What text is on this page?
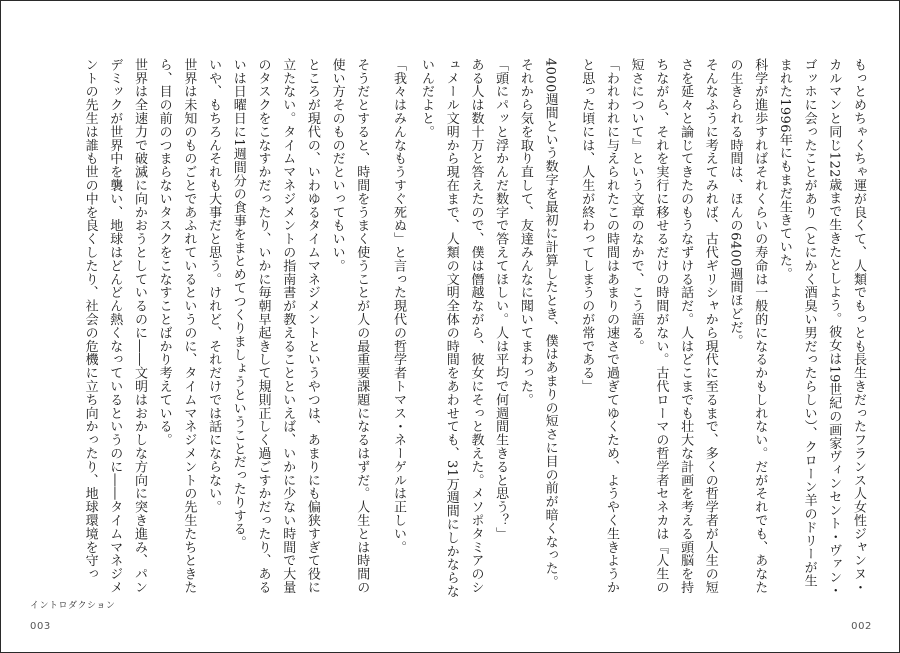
「我々はみんなもうすぐ死ぬ」と言った現代の哲学者トマス・ネーゲルは正しい。

そうだとすると、時間をうまく使うことが人の最重要課題になるはずだ。人生とは時間の使い方そのものだといってもいい。

ところが現代の、いわゆるタイムマネジメントというやつは、あまりにも偏狭すぎて役に立たない。タイムマネジメントの指南書が教えることといえば、いかに少ない時間で大量のタスクをこなすかだったり、いかに毎朝早起きして規則正しく過ごすかだったり、あるいは日曜日に1週間分の食事をまとめてつくりましょうということだったりする。

いや、もちろんそれも大事だと思う。けれど、それだけでは話にならない。

世界は未知のものごとであふれているというのに、タイムマネジメントの先生たちときたら、目の前のつまらないタスクをこなすことばかり考えている。

世界は全速力で破滅に向かおうとしているのに――文明はおかしな方向に突き進み、パンデミックが世界中を襲い、地球はどんどん熱くなっているというのに――タイムマネジメントの先生は誰も世の中を良くしたり、社会の危機に立ち向かったり、地球環境を守っ

イントロダクション
003

もっとめちゃくちゃ運が良くて、人類でもっとも長生きだったフランス人女性ジャンヌ・カルマンと同じ122歳まで生きたとしよう。彼女は19世紀の画家ヴィンセント・ヴァン・ゴッホに会ったことがあり（とにかく酒臭い男だったらしい）、クローン羊のドリーが生まれた1996年にもまだ生きていた。

科学が進歩すればそれくらいの寿命は一般的になるかもしれない。だがそれでも、あなたの生きられる時間は、ほんの6400週間ほどだ。

そんなふうに考えてみれば、古代ギリシャから現代に至るまで、多くの哲学者が人生の短さを延々と論じてきたのもうなずける話だ。人はどこまでも壮大な計画を考える頭脳を持ちながら、それを実行に移せるだけの時間がない。古代ローマの哲学者セネカは『人生の短さについて』という文章のなかで、こう語る。

「われわれに与えられたこの時間はあまりの速さで過ぎてゆくため、ようやく生きようかと思った頃には、人生が終わってしまうのが常である」

4000週間という数字を最初に計算したとき、僕はあまりの短さに目の前が暗くなった。それから気を取り直して、友達みんなに聞いてまわった。

「頭にパッと浮かんだ数字で答えてほしい。人は平均で何週間生きると思う？」

ある人は数十万と答えたので、僕は僭越ながら、彼女にそっと教えた。メソポタミアのシュメール文明から現在まで、人類の文明全体の時間をあわせても、31万週間にしかならないんだよと。

002
